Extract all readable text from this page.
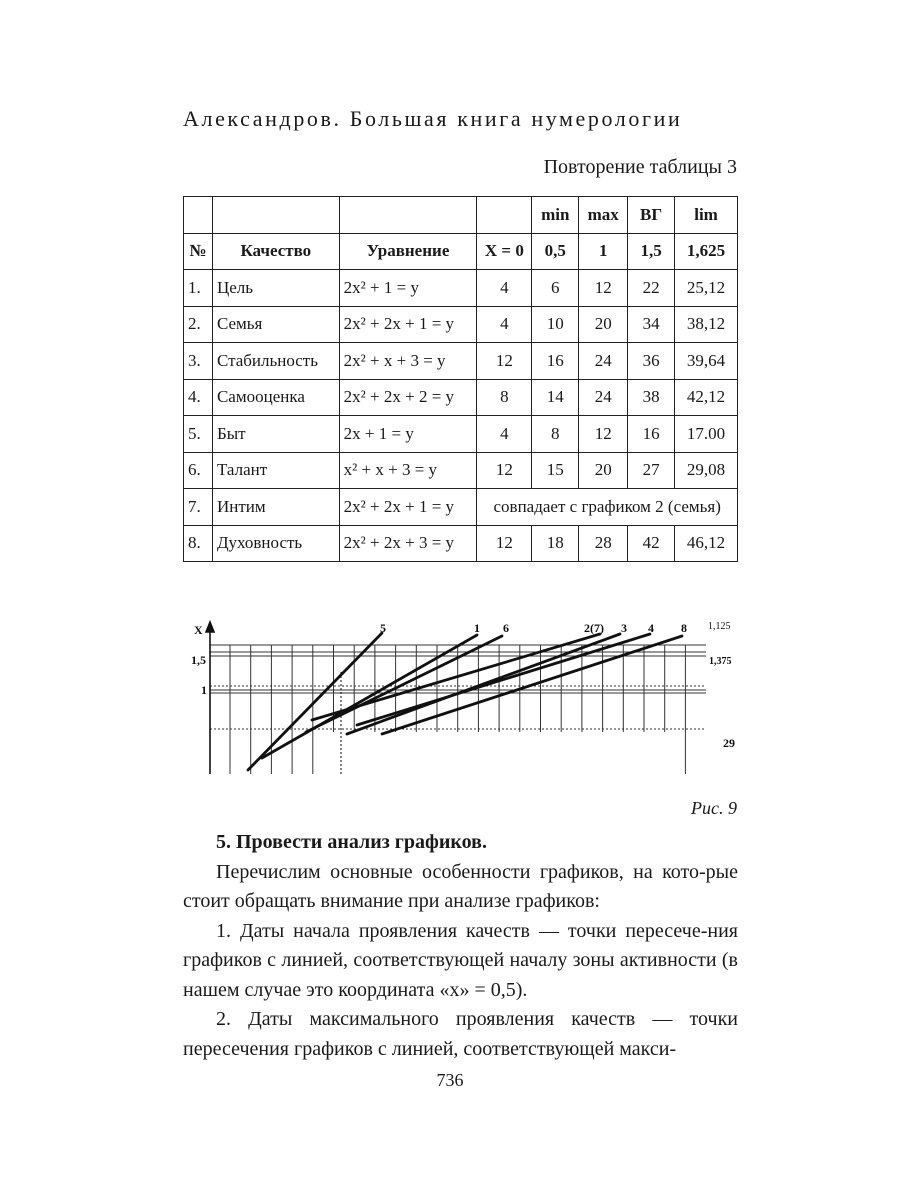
Александров. Большая книга нумерологии
Повторение таблицы 3
				min	max	ВГ	lim
№	Качество	Уравнение	X = 0	0,5	1	1,5	1,625
1.	Цель	2x² + 1 = y	4	6	12	22	25,12
2.	Семья	2x² + 2x + 1 = y	4	10	20	34	38,12
3.	Стабильность	2x² + x + 3 = y	12	16	24	36	39,64
4.	Самооценка	2x² + 2x + 2 = y	8	14	24	38	42,12
5.	Быт	2x + 1 = y	4	8	12	16	17.00
6.	Талант	x² + x + 3 = y	12	15	20	27	29,08
7.	Интим	2x² + 2x + 1 = y	совпадает с графиком 2 (семья)				
8.	Духовность	2x² + 2x + 3 = y	12	18	28	42	46,12
X
1,5
1
5	1 6	2(7) 3 4 8 1,125
1,375
29
Рис. 9
5. Провести анализ графиков.

Перечислим основные особенности графиков, на кото-рые стоит обращать внимание при анализе графиков:

1. Даты начала проявления качеств — точки пересече-ния графиков с линией, соответствующей началу зоны активности (в нашем случае это координата «х» = 0,5).

2. Даты максимального проявления качеств — точки пересечения графиков с линией, соответствующей макси-

736
